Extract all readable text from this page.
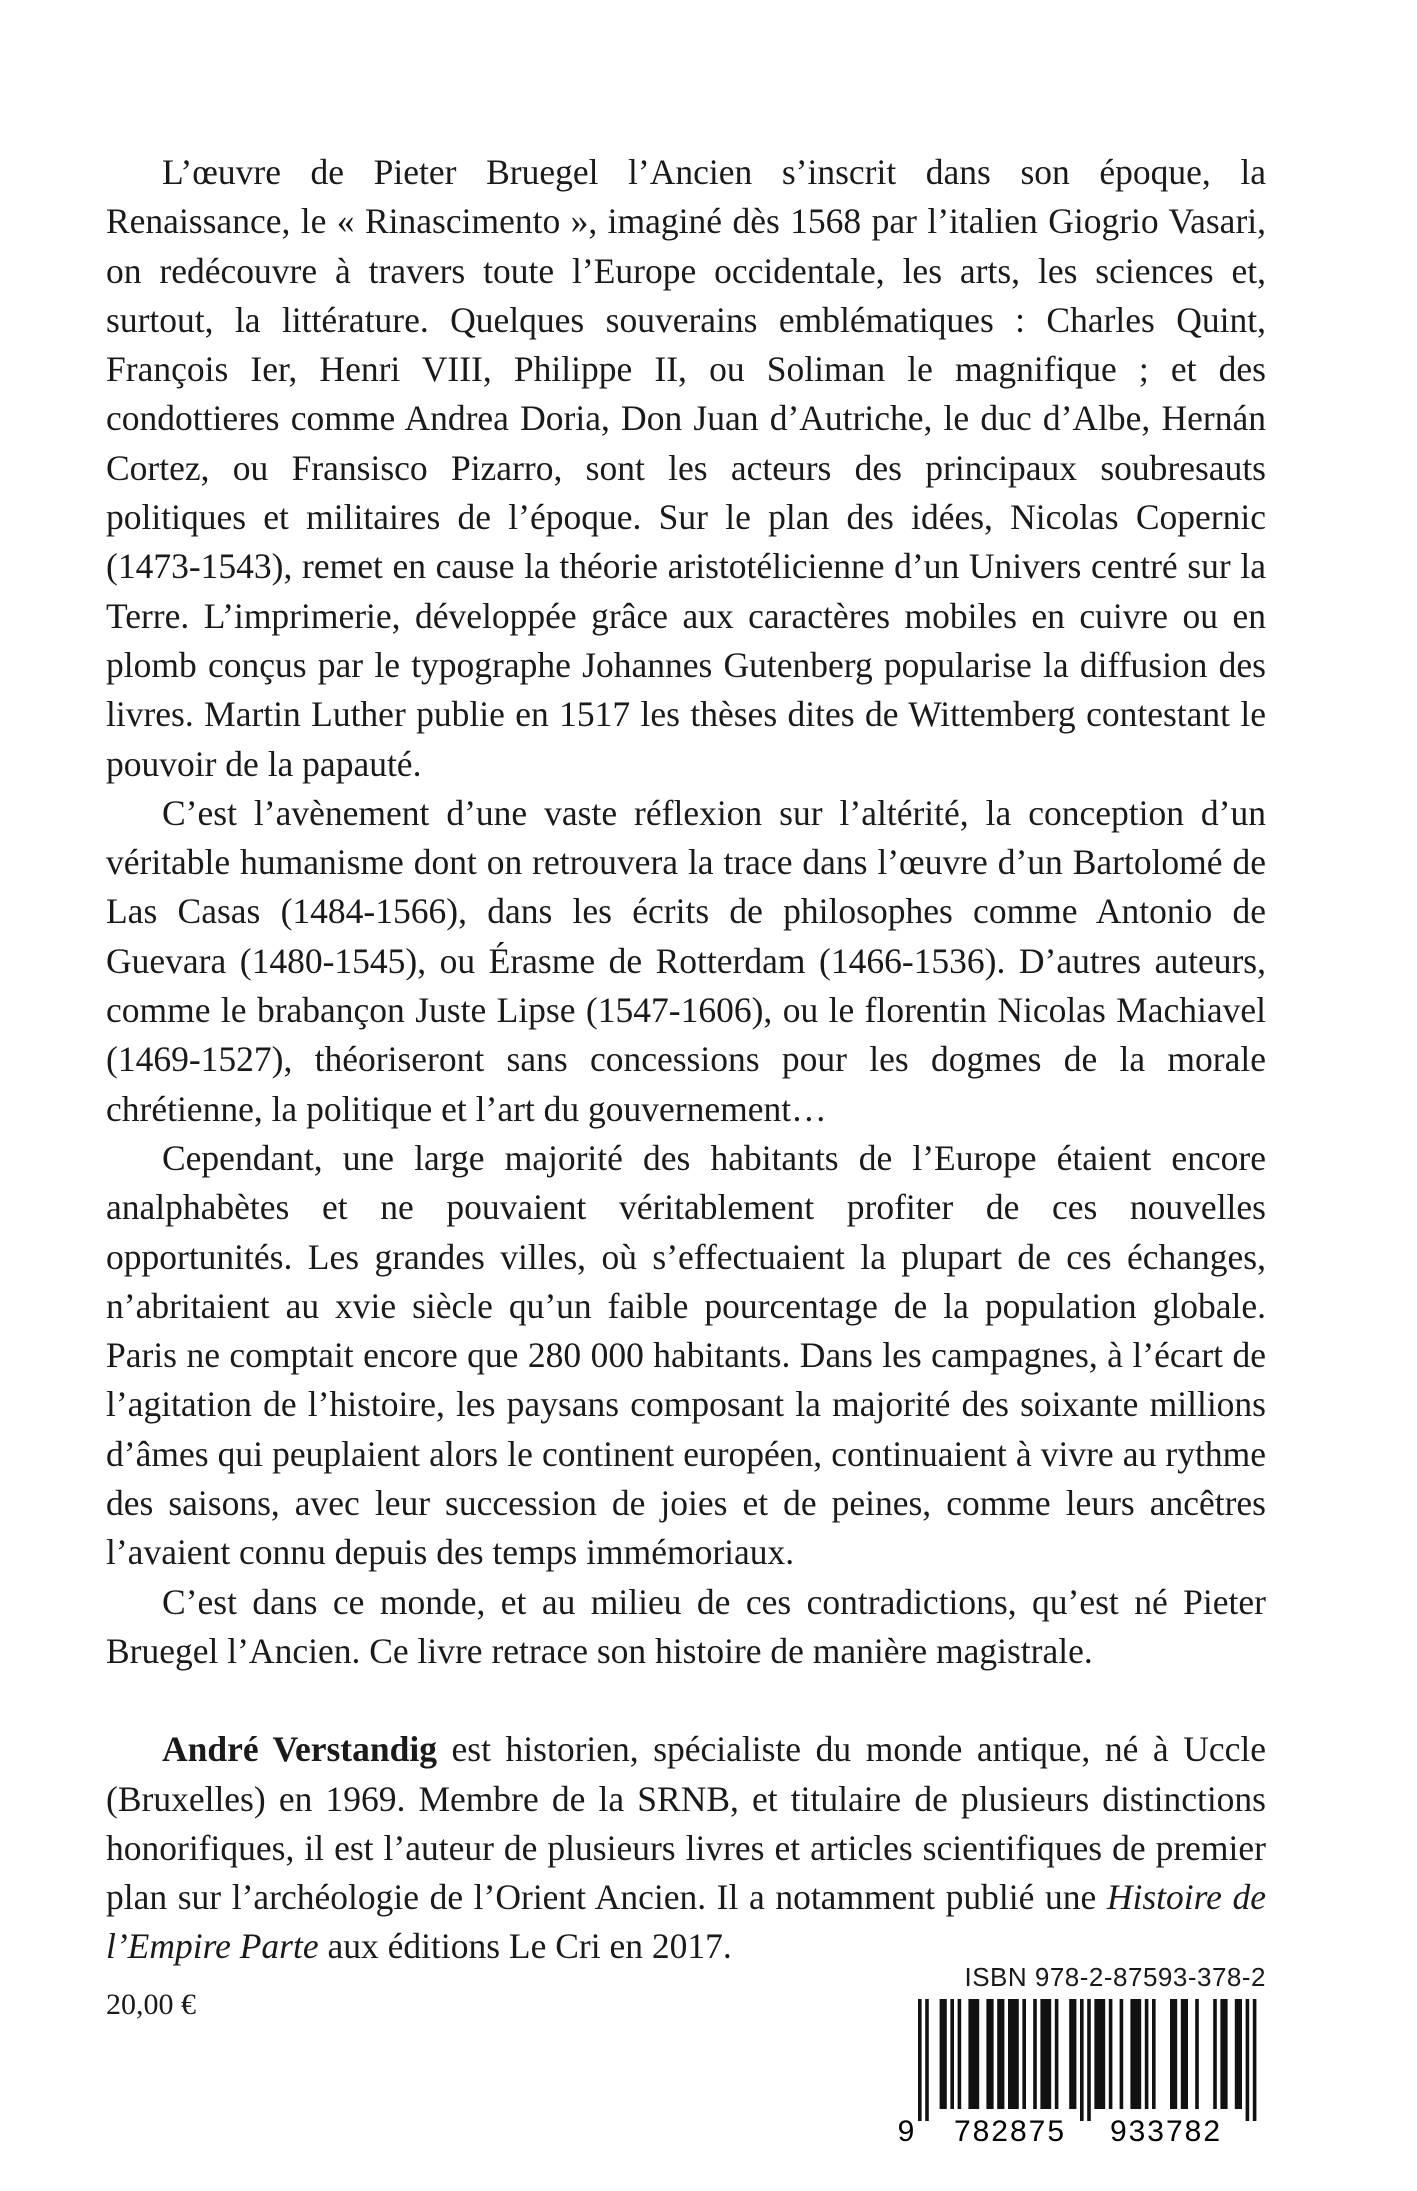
L’œuvre de Pieter Bruegel l’Ancien s’inscrit dans son époque, la Renaissance, le « Rinascimento », imaginé dès 1568 par l’italien Giogrio Vasari, on redécouvre à travers toute l’Europe occidentale, les arts, les sciences et, surtout, la littérature. Quelques souverains emblématiques : Charles Quint, François Ier, Henri VIII, Philippe II, ou Soliman le magnifique ; et des condottieres comme Andrea Doria, Don Juan d’Autriche, le duc d’Albe, Hernán Cortez, ou Fransisco Pizarro, sont les acteurs des principaux soubresauts politiques et militaires de l’époque. Sur le plan des idées, Nicolas Copernic (1473-1543), remet en cause la théorie aristotélicienne d’un Univers centré sur la Terre. L’imprimerie, développée grâce aux caractères mobiles en cuivre ou en plomb conçus par le typographe Johannes Gutenberg popularise la diffusion des livres. Martin Luther publie en 1517 les thèses dites de Wittemberg contestant le pouvoir de la papauté.

C’est l’avènement d’une vaste réflexion sur l’altérité, la conception d’un véritable humanisme dont on retrouvera la trace dans l’œuvre d’un Bartolomé de Las Casas (1484-1566), dans les écrits de philosophes comme Antonio de Guevara (1480-1545), ou Érasme de Rotterdam (1466-1536). D’autres auteurs, comme le brabançon Juste Lipse (1547-1606), ou le florentin Nicolas Machiavel (1469-1527), théoriseront sans concessions pour les dogmes de la morale chrétienne, la politique et l’art du gouvernement…

Cependant, une large majorité des habitants de l’Europe étaient encore analphabètes et ne pouvaient véritablement profiter de ces nouvelles opportunités. Les grandes villes, où s’effectuaient la plupart de ces échanges, n’abritaient au xvie siècle qu’un faible pourcentage de la population globale. Paris ne comptait encore que 280 000 habitants. Dans les campagnes, à l’écart de l’agitation de l’histoire, les paysans composant la majorité des soixante millions d’âmes qui peuplaient alors le continent européen, continuaient à vivre au rythme des saisons, avec leur succession de joies et de peines, comme leurs ancêtres l’avaient connu depuis des temps immémoriaux.

C’est dans ce monde, et au milieu de ces contradictions, qu’est né Pieter Bruegel l’Ancien. Ce livre retrace son histoire de manière magistrale.

André Verstandig est historien, spécialiste du monde antique, né à Uccle (Bruxelles) en 1969. Membre de la SRNB, et titulaire de plusieurs distinctions honorifiques, il est l’auteur de plusieurs livres et articles scientifiques de premier plan sur l’archéologie de l’Orient Ancien. Il a notamment publié une Histoire de l’Empire Parte aux éditions Le Cri en 2017.

ISBN 978-2-87593-378-2
9 782875 933782
20,00 €
